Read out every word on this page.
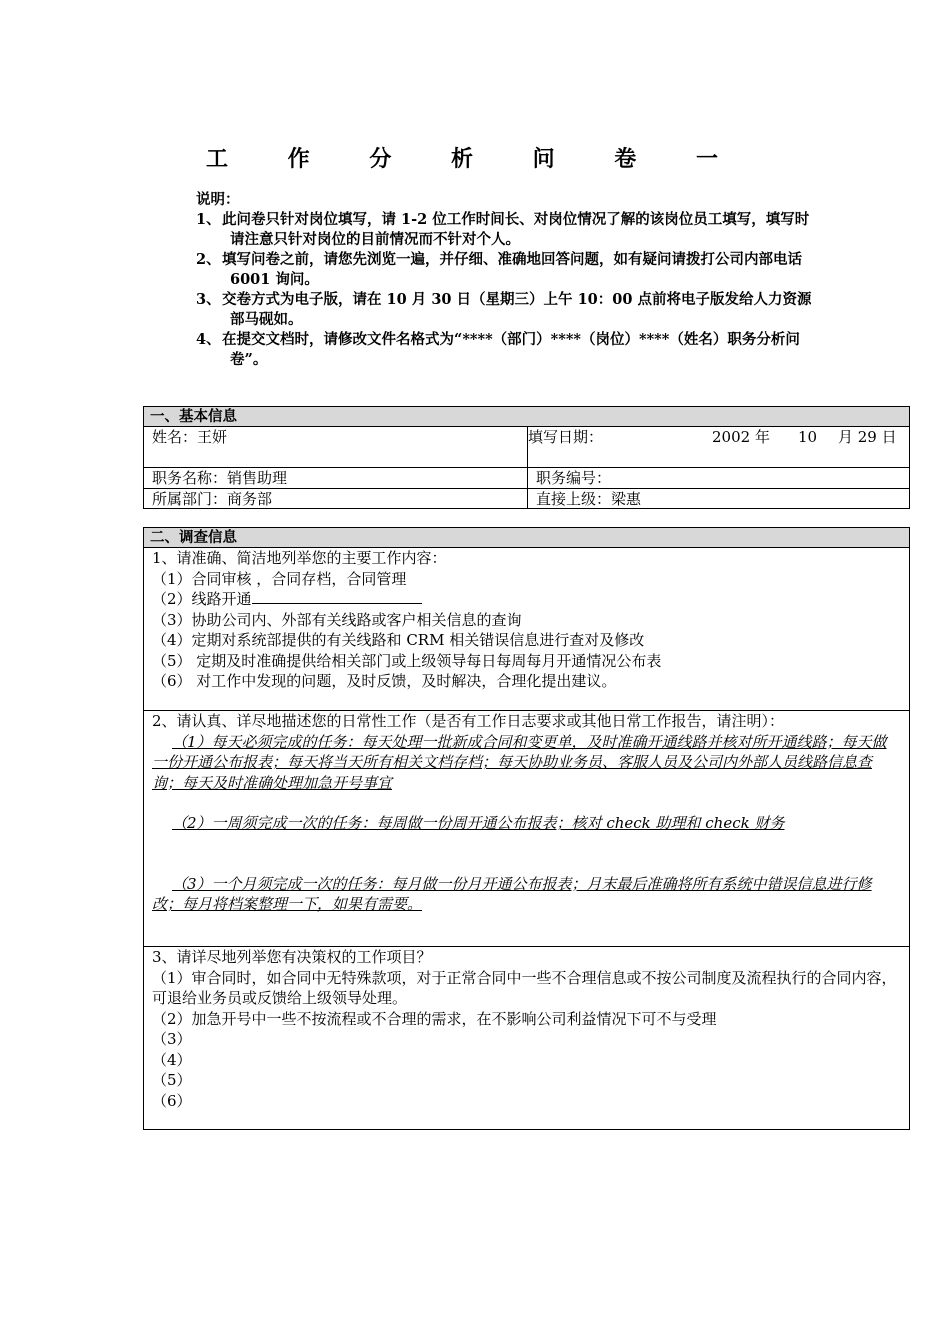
工 作 分 析 问 卷 一
说明：
1、此问卷只针对岗位填写，请 1-2 位工作时间长、对岗位情况了解的该岗位员工填写，填写时请注意只针对岗位的目前情况而不针对个人。
2、填写问卷之前，请您先浏览一遍，并仔细、准确地回答问题，如有疑问请拨打公司内部电话 6001 询问。
3、交卷方式为电子版，请在 10 月 30 日（星期三）上午 10：00 点前将电子版发给人力资源部马砚如。
4、在提交文档时，请修改文件名格式为“****（部门）****（岗位）****（姓名）职务分析问卷”。
一、基本信息
姓名：王妍	填写日期：	2002 年 10 月 29 日
职务名称：销售助理	职务编号：
所属部门：商务部	直接上级：梁惠
二、调查信息
1、请准确、简洁地列举您的主要工作内容：
（1）合同审核 ，合同存档，合同管理
（2）线路开通
（3）协助公司内、外部有关线路或客户相关信息的查询
（4）定期对系统部提供的有关线路和 CRM 相关错误信息进行查对及修改
（5） 定期及时准确提供给相关部门或上级领导每日每周每月开通情况公布表
（6） 对工作中发现的问题，及时反馈，及时解决，合理化提出建议。
2、请认真、详尽地描述您的日常性工作（是否有工作日志要求或其他日常工作报告，请注明）：
（1）每天必须完成的任务：每天处理一批新成合同和变更单，及时准确开通线路并核对所开通线路；每天做一份开通公布报表；每天将当天所有相关文档存档；每天协助业务员、客服人员及公司内外部人员线路信息查询；每天及时准确处理加急开号事宜
（2）一周须完成一次的任务：每周做一份周开通公布报表；核对 check 助理和 check 财务
（3）一个月须完成一次的任务：每月做一份月开通公布报表；月末最后准确将所有系统中错误信息进行修改；每月将档案整理一下，如果有需要。
3、请详尽地列举您有决策权的工作项目？
（1）审合同时，如合同中无特殊款项，对于正常合同中一些不合理信息或不按公司制度及流程执行的合同内容，可退给业务员或反馈给上级领导处理。
（2）加急开号中一些不按流程或不合理的需求，在不影响公司利益情况下可不与受理
（3）
（4）
（5）
（6）
